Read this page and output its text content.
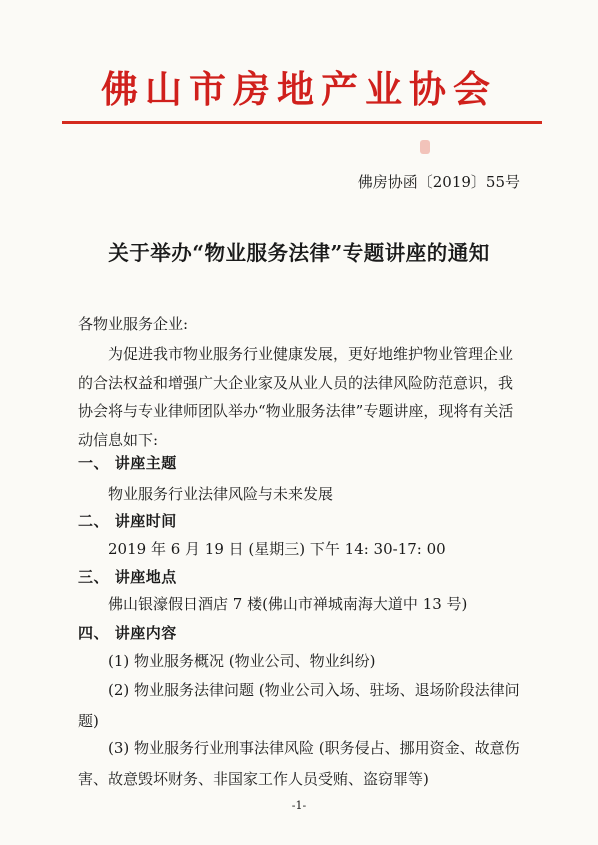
佛山市房地产业协会
佛房协函〔2019〕55号
关于举办“物业服务法律”专题讲座的通知
各物业服务企业:
为促进我市物业服务行业健康发展，更好地维护物业管理企业的合法权益和增强广大企业家及从业人员的法律风险防范意识，我协会将与专业律师团队举办“物业服务法律”专题讲座，现将有关活动信息如下:
一、 讲座主题
物业服务行业法律风险与未来发展
二、 讲座时间
2019 年 6 月 19 日 (星期三) 下午 14: 30-17: 00
三、 讲座地点
佛山银濠假日酒店 7 楼(佛山市禅城南海大道中 13 号)
四、 讲座内容
(1) 物业服务概况 (物业公司、物业纠纷)
(2) 物业服务法律问题 (物业公司入场、驻场、退场阶段法律问题)
(3) 物业服务行业刑事法律风险 (职务侵占、挪用资金、故意伤害、故意毁坏财务、非国家工作人员受贿、盗窃罪等)
-1-
